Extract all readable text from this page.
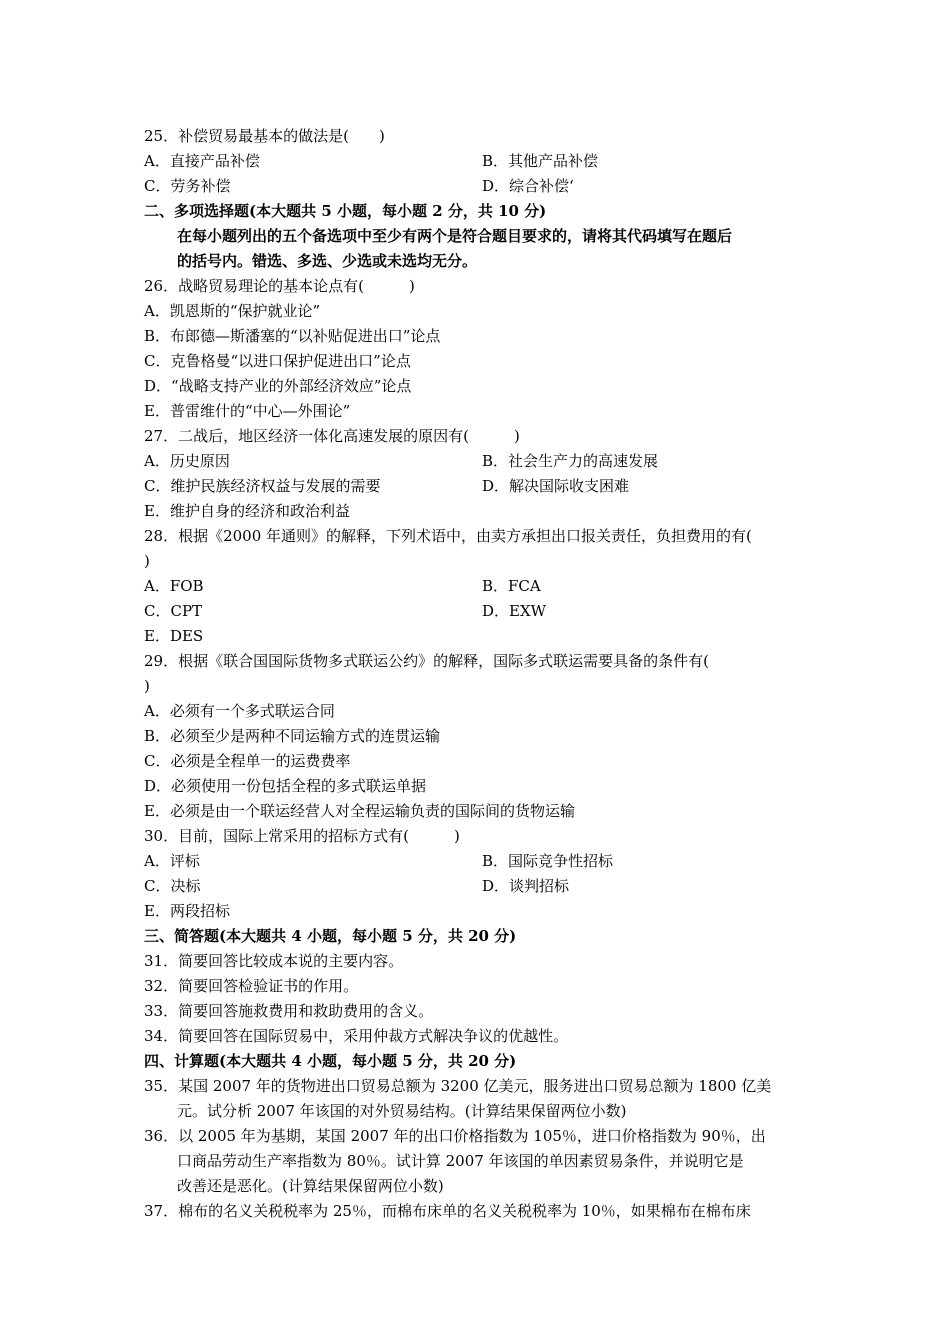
25．补偿贸易最基本的做法是(　　)
A．直接产品补偿	B．其他产品补偿
C．劳务补偿	D．综合补偿‘
二、多项选择题(本大题共 5 小题，每小题 2 分，共 10 分)
在每小题列出的五个备选项中至少有两个是符合题目要求的，请将其代码填写在题后
的括号内。错选、多选、少选或未选均无分。
26．战略贸易理论的基本论点有(　　　)
A．凯恩斯的“保护就业论”
B．布郎德—斯潘塞的“以补贴促进出口”论点
C．克鲁格曼“以进口保护促进出口”论点
D．“战略支持产业的外部经济效应”论点
E．普雷维什的“中心—外围论”
27．二战后，地区经济一体化高速发展的原因有(　　　)
A．历史原因	B．社会生产力的高速发展
C．维护民族经济权益与发展的需要	D．解决国际收支困难
E．维护自身的经济和政治利益
28．根据《2000 年通则》的解释，下列术语中，由卖方承担出口报关责任，负担费用的有(
)
A．FOB	B．FCA
C．CPT	D．EXW
E．DES
29．根据《联合国国际货物多式联运公约》的解释，国际多式联运需要具备的条件有(
)
A．必须有一个多式联运合同
B．必须至少是两种不同运输方式的连贯运输
C．必须是全程单一的运费费率
D．必须使用一份包括全程的多式联运单据
E．必须是由一个联运经营人对全程运输负责的国际间的货物运输
30．目前，国际上常采用的招标方式有(　　　)
A．评标	B．国际竞争性招标
C．决标	D．谈判招标
E．两段招标
三、简答题(本大题共 4 小题，每小题 5 分，共 20 分)
31．简要回答比较成本说的主要内容。
32．简要回答检验证书的作用。
33．简要回答施救费用和救助费用的含义。
34．简要回答在国际贸易中，采用仲裁方式解决争议的优越性。
四、计算题(本大题共 4 小题，每小题 5 分，共 20 分)
35．某国 2007 年的货物进出口贸易总额为 3200 亿美元，服务进出口贸易总额为 1800 亿美
元。试分析 2007 年该国的对外贸易结构。(计算结果保留两位小数)
36．以 2005 年为基期，某国 2007 年的出口价格指数为 105％，进口价格指数为 90％，出
口商品劳动生产率指数为 80％。试计算 2007 年该国的单因素贸易条件，并说明它是
改善还是恶化。(计算结果保留两位小数)
37．棉布的名义关税税率为 25％，而棉布床单的名义关税税率为 10％，如果棉布在棉布床
